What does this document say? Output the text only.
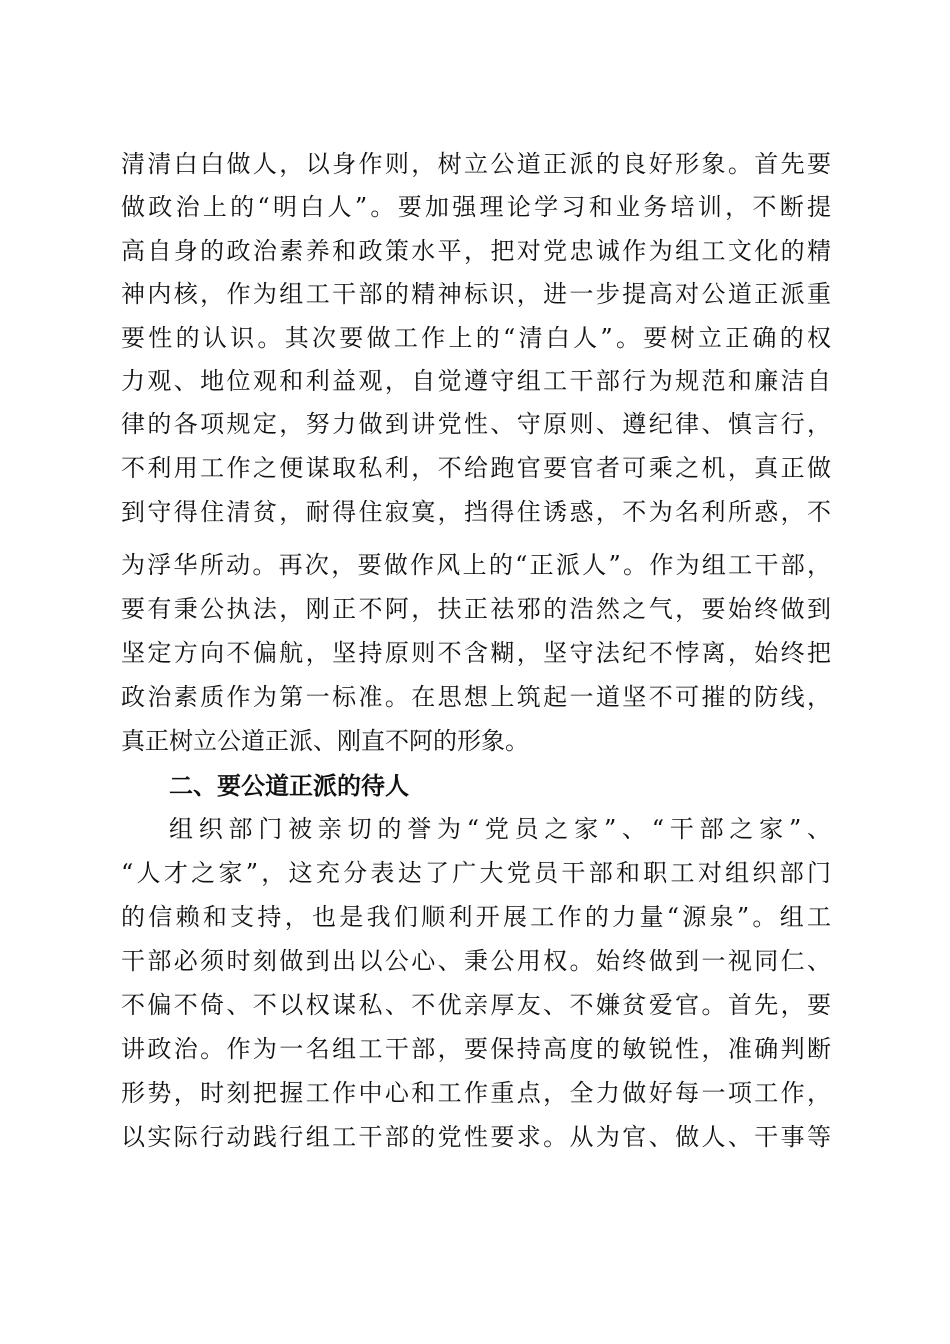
清清白白做人，以身作则，树立公道正派的良好形象。首先要
做政治上的“明白人”。要加强理论学习和业务培训，不断提
高自身的政治素养和政策水平，把对党忠诚作为组工文化的精
神内核，作为组工干部的精神标识，进一步提高对公道正派重
要性的认识。其次要做工作上的“清白人”。要树立正确的权
力观、地位观和利益观，自觉遵守组工干部行为规范和廉洁自
律的各项规定，努力做到讲党性、守原则、遵纪律、慎言行，
不利用工作之便谋取私利，不给跑官要官者可乘之机，真正做
到守得住清贫，耐得住寂寞，挡得住诱惑，不为名利所惑，不
为浮华所动。再次，要做作风上的“正派人”。作为组工干部，
要有秉公执法，刚正不阿，扶正祛邪的浩然之气，要始终做到
坚定方向不偏航，坚持原则不含糊，坚守法纪不悖离，始终把
政治素质作为第一标准。在思想上筑起一道坚不可摧的防线，
真正树立公道正派、刚直不阿的形象。
二、要公道正派的待人
组织部门被亲切的誉为“党员之家”、“干部之家”、
“人才之家”，这充分表达了广大党员干部和职工对组织部门
的信赖和支持，也是我们顺利开展工作的力量“源泉”。组工
干部必须时刻做到出以公心、秉公用权。始终做到一视同仁、
不偏不倚、不以权谋私、不优亲厚友、不嫌贫爱官。首先，要
讲政治。作为一名组工干部，要保持高度的敏锐性，准确判断
形势，时刻把握工作中心和工作重点，全力做好每一项工作，
以实际行动践行组工干部的党性要求。从为官、做人、干事等
